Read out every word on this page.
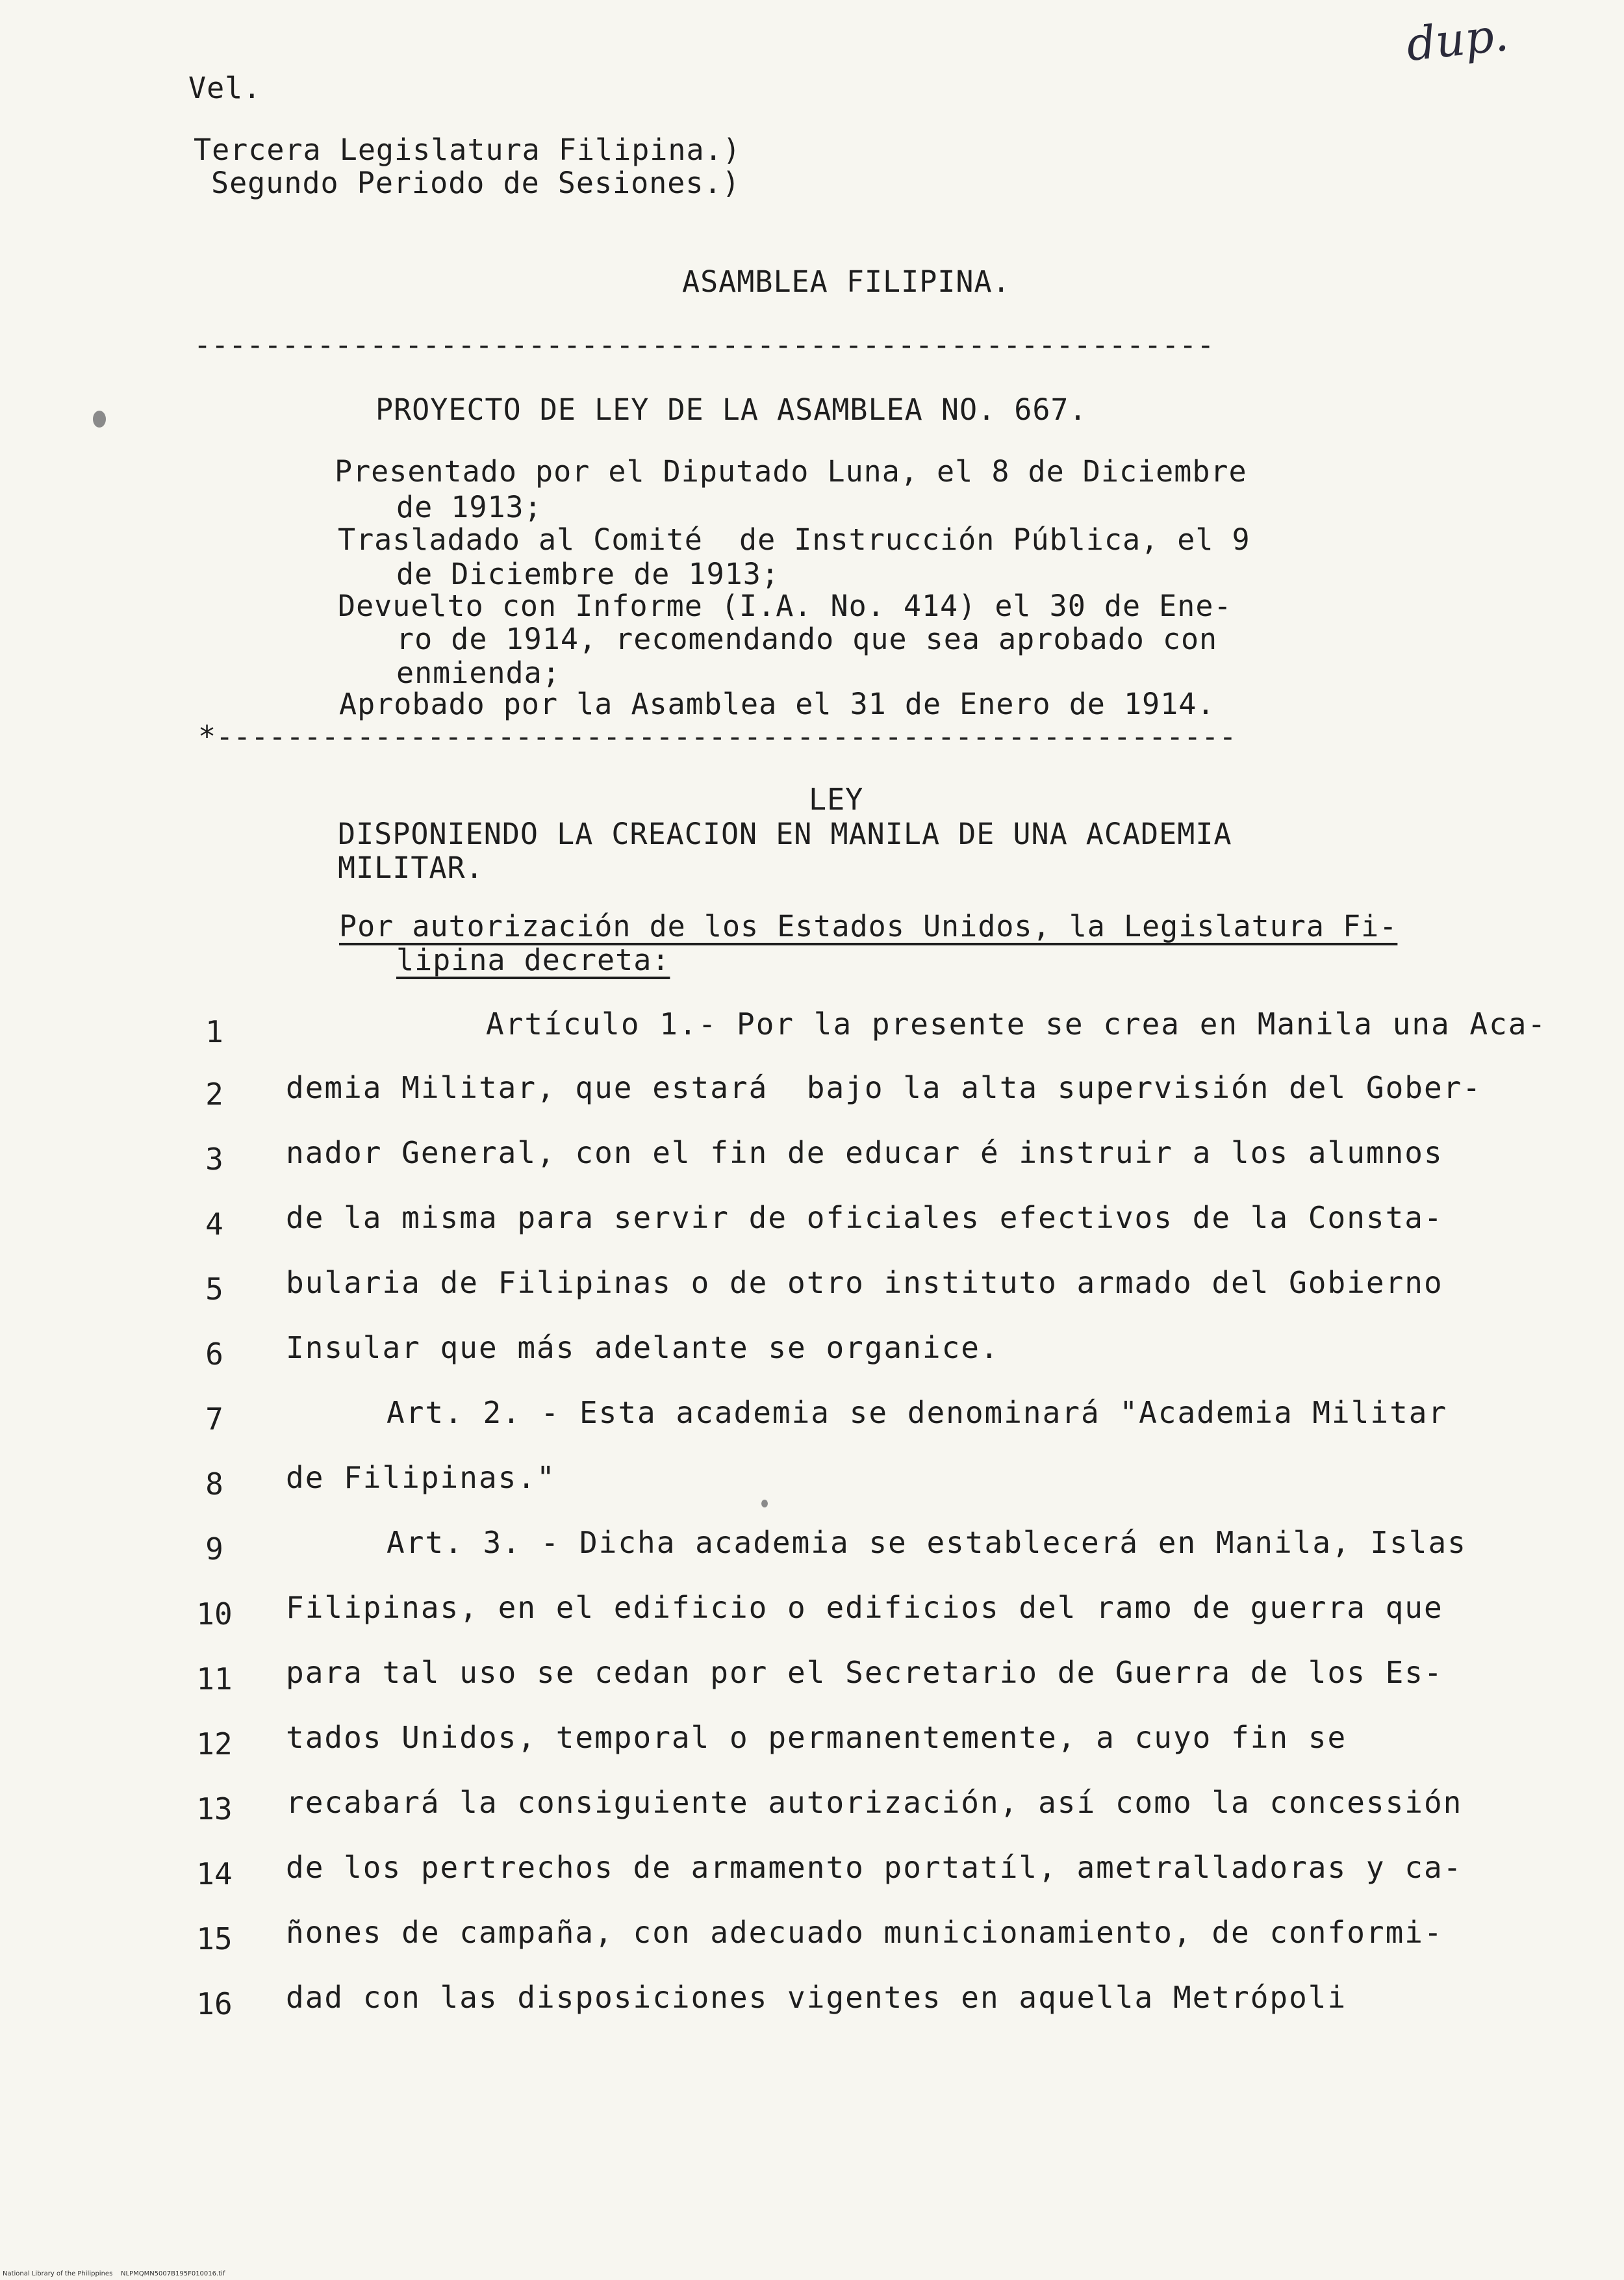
dup.
Vel.
Tercera Legislatura Filipina.)
Segundo Periodo de Sesiones.)
ASAMBLEA FILIPINA.
----------------------------------------------------------
PROYECTO DE LEY DE LA ASAMBLEA NO. 667.
Presentado por el Diputado Luna, el 8 de Diciembre
de 1913;
Trasladado al Comité  de Instrucción Pública, el 9
de Diciembre de 1913;
Devuelto con Informe (I.A. No. 414) el 30 de Ene-
ro de 1914, recomendando que sea aprobado con
enmienda;
Aprobado por la Asamblea el 31 de Enero de 1914.
*----------------------------------------------------------
LEY
DISPONIENDO LA CREACION EN MANILA DE UNA ACADEMIA
MILITAR.
Por autorización de los Estados Unidos, la Legislatura Fi-
lipina decreta:
1	Artículo 1.- Por la presente se crea en Manila una Aca-
2	demia Militar, que estará  bajo la alta supervisión del Gober-
3	nador General, con el fin de educar é instruir a los alumnos
4	de la misma para servir de oficiales efectivos de la Consta-
5	bularia de Filipinas o de otro instituto armado del Gobierno
6	Insular que más adelante se organice.
7	Art. 2. - Esta academia se denominará "Academia Militar
8	de Filipinas."
9	Art. 3. - Dicha academia se establecerá en Manila, Islas
10 Filipinas, en el edificio o edificios del ramo de guerra que
11 para tal uso se cedan por el Secretario de Guerra de los Es-
12 tados Unidos, temporal o permanentemente, a cuyo fin se
13 recabará la consiguiente autorización, así como la concessión
14 de los pertrechos de armamento portatíl, ametralladoras y ca-
15 ñones de campaña, con adecuado municionamiento, de conformi-
16 dad con las disposiciones vigentes en aquella Metrópoli
National Library of the Philippines    NLPMQMN5007B195F010016.tif
